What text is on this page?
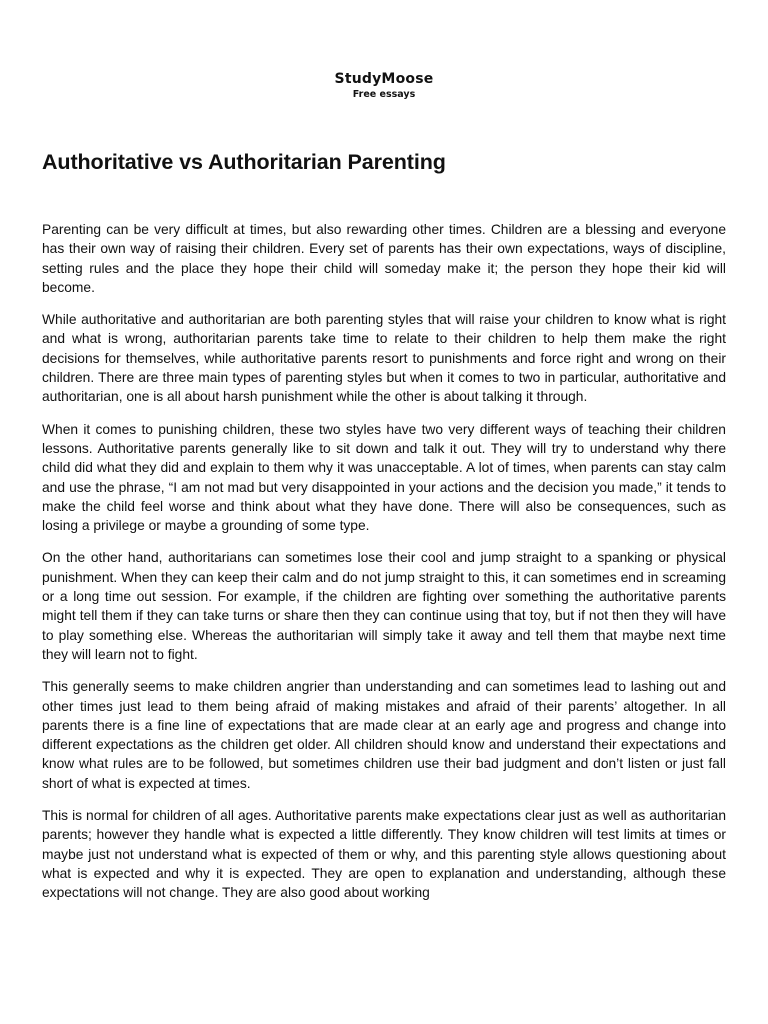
StudyMoose
Free essays
Authoritative vs Authoritarian Parenting

Parenting can be very difficult at times, but also rewarding other times. Children are a blessing and everyone has their own way of raising their children. Every set of parents has their own expectations, ways of discipline, setting rules and the place they hope their child will someday make it; the person they hope their kid will become.

While authoritative and authoritarian are both parenting styles that will raise your children to know what is right and what is wrong, authoritarian parents take time to relate to their children to help them make the right decisions for themselves, while authoritative parents resort to punishments and force right and wrong on their children. There are three main types of parenting styles but when it comes to two in particular, authoritative and authoritarian, one is all about harsh punishment while the other is about talking it through.

When it comes to punishing children, these two styles have two very different ways of teaching their children lessons. Authoritative parents generally like to sit down and talk it out. They will try to understand why there child did what they did and explain to them why it was unacceptable. A lot of times, when parents can stay calm and use the phrase, “I am not mad but very disappointed in your actions and the decision you made,” it tends to make the child feel worse and think about what they have done. There will also be consequences, such as losing a privilege or maybe a grounding of some type.

On the other hand, authoritarians can sometimes lose their cool and jump straight to a spanking or physical punishment. When they can keep their calm and do not jump straight to this, it can sometimes end in screaming or a long time out session. For example, if the children are fighting over something the authoritative parents might tell them if they can take turns or share then they can continue using that toy, but if not then they will have to play something else. Whereas the authoritarian will simply take it away and tell them that maybe next time they will learn not to fight.

This generally seems to make children angrier than understanding and can sometimes lead to lashing out and other times just lead to them being afraid of making mistakes and afraid of their parents’ altogether. In all parents there is a fine line of expectations that are made clear at an early age and progress and change into different expectations as the children get older. All children should know and understand their expectations and know what rules are to be followed, but sometimes children use their bad judgment and don’t listen or just fall short of what is expected at times.

This is normal for children of all ages. Authoritative parents make expectations clear just as well as authoritarian parents; however they handle what is expected a little differently. They know children will test limits at times or maybe just not understand what is expected of them or why, and this parenting style allows questioning about what is expected and why it is expected. They are open to explanation and understanding, although these expectations will not change. They are also good about working
